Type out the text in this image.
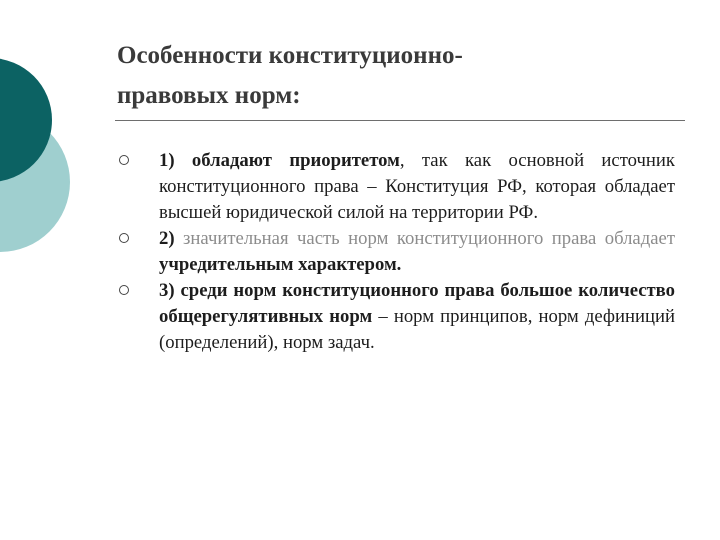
Особенности конституционно-
правовых норм:

1) обладают приоритетом, так как основной источник конституционного права – Конституция РФ, которая обладает высшей юридической силой на территории РФ.

2) значительная часть норм конституционного права обладает учредительным характером.

3) среди норм конституционного права большое количество общерегулятивных норм – норм принципов, норм дефиниций (определений), норм задач.
